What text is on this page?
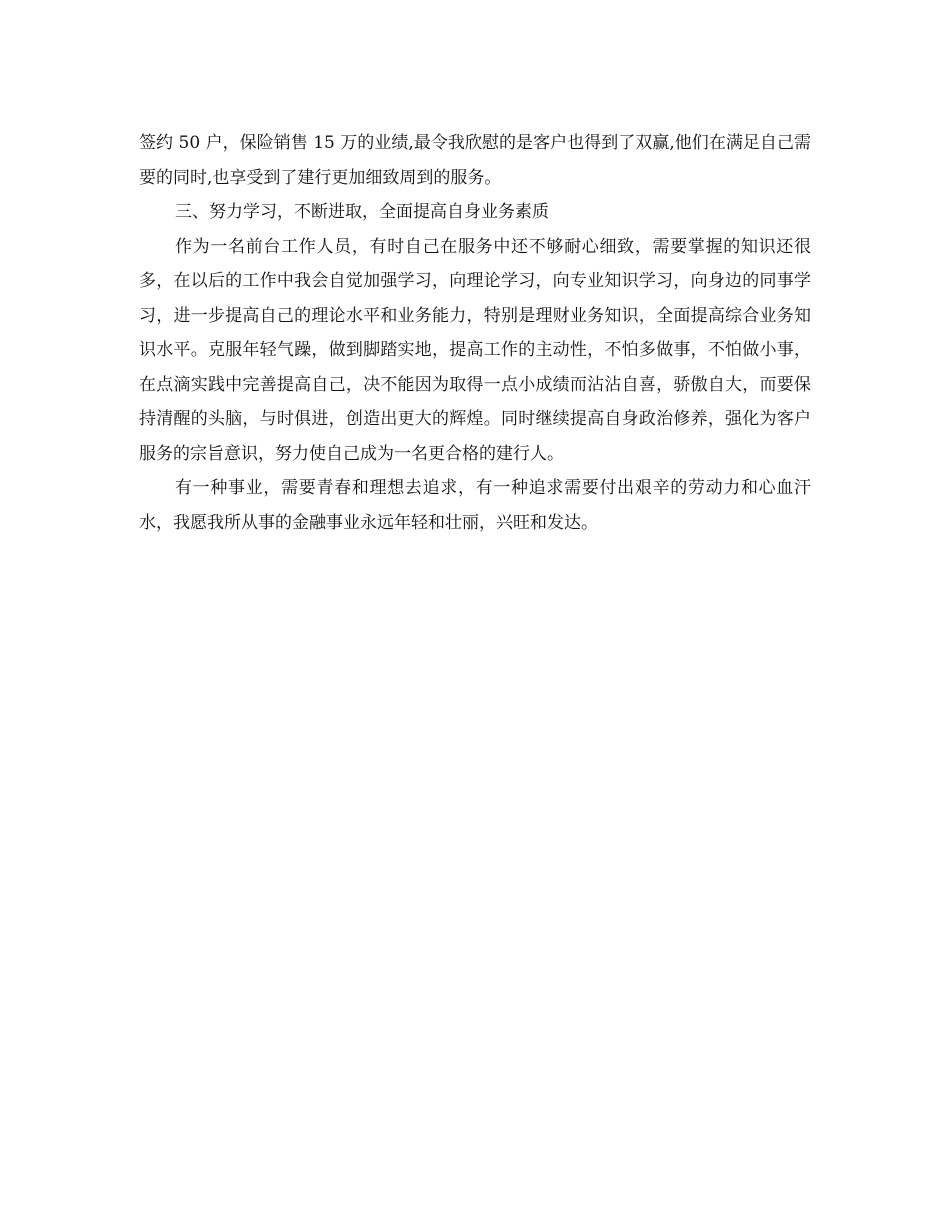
签约 50 户，保险销售 15 万的业绩,最令我欣慰的是客户也得到了双赢,他们在满足自己需要的同时,也享受到了建行更加细致周到的服务。

三、努力学习，不断进取，全面提高自身业务素质

作为一名前台工作人员，有时自己在服务中还不够耐心细致，需要掌握的知识还很多，在以后的工作中我会自觉加强学习，向理论学习，向专业知识学习，向身边的同事学习，进一步提高自己的理论水平和业务能力，特别是理财业务知识，全面提高综合业务知识水平。克服年轻气躁，做到脚踏实地，提高工作的主动性，不怕多做事，不怕做小事，在点滴实践中完善提高自己，决不能因为取得一点小成绩而沾沾自喜，骄傲自大，而要保持清醒的头脑，与时俱进，创造出更大的辉煌。同时继续提高自身政治修养，强化为客户服务的宗旨意识，努力使自己成为一名更合格的建行人。

有一种事业，需要青春和理想去追求，有一种追求需要付出艰辛的劳动力和心血汗水，我愿我所从事的金融事业永远年轻和壮丽，兴旺和发达。
